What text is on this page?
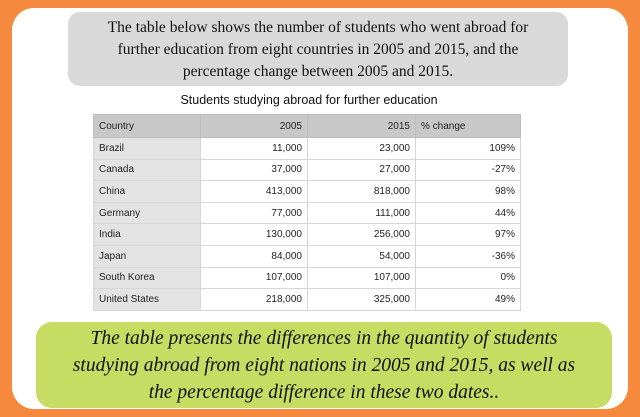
The table below shows the number of students who went abroad for
further education from eight countries in 2005 and 2015, and the
percentage change between 2005 and 2015.
Students studying abroad for further education
Country	2005	2015	% change
Brazil	11,000	23,000	109%
Canada	37,000	27,000	-27%
China	413,000	818,000	98%
Germany	77,000	111,000	44%
India	130,000	256,000	97%
Japan	84,000	54,000	-36%
South Korea	107,000	107,000	0%
United States	218,000	325,000	49%
The table presents the differences in the quantity of students
studying abroad from eight nations in 2005 and 2015, as well as
the percentage difference in these two dates..
